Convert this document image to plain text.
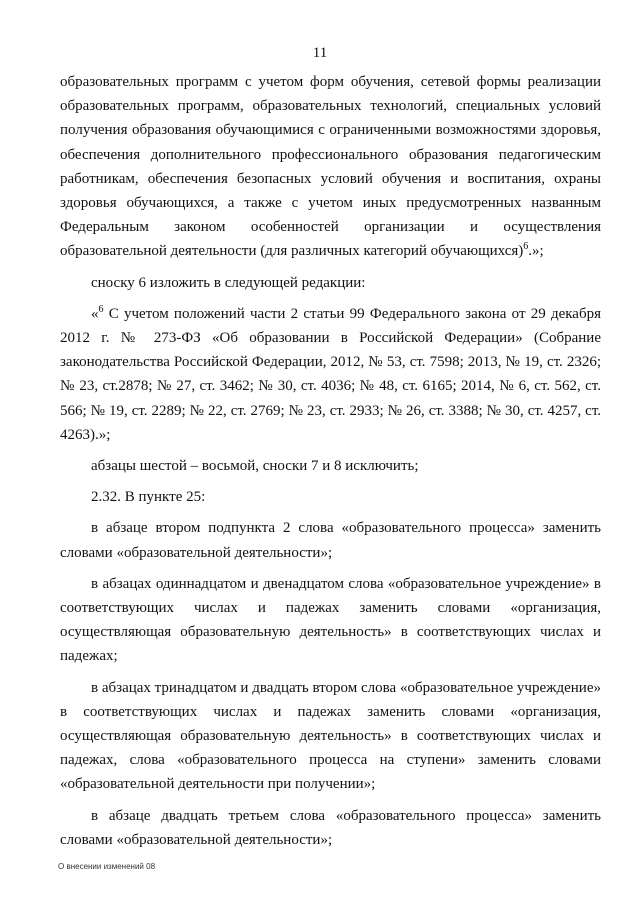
11

образовательных программ с учетом форм обучения, сетевой формы реализации образовательных программ, образовательных технологий, специальных условий получения образования обучающимися с ограниченными возможностями здоровья, обеспечения дополнительного профессионального образования педагогическим работникам, обеспечения безопасных условий обучения и воспитания, охраны здоровья обучающихся, а также с учетом иных предусмотренных названным Федеральным законом особенностей организации и осуществления образовательной деятельности (для различных категорий обучающихся)$^6$.»;

сноску 6 изложить в следующей редакции:

«$^6$ С учетом положений части 2 статьи 99 Федерального закона от 29 декабря 2012 г. № 273-ФЗ «Об образовании в Российской Федерации» (Собрание законодательства Российской Федерации, 2012, № 53, ст. 7598; 2013, № 19, ст. 2326; № 23, ст.2878; № 27, ст. 3462; № 30, ст. 4036; № 48, ст. 6165; 2014, № 6, ст. 562, ст. 566; № 19, ст. 2289; № 22, ст. 2769; № 23, ст. 2933; № 26, ст. 3388; № 30, ст. 4257, ст. 4263).»;

абзацы шестой – восьмой, сноски 7 и 8 исключить;

2.32. В пункте 25:

в абзаце втором подпункта 2 слова «образовательного процесса» заменить словами «образовательной деятельности»;

в абзацах одиннадцатом и двенадцатом слова «образовательное учреждение» в соответствующих числах и падежах заменить словами «организация, осуществляющая образовательную деятельность» в соответствующих числах и падежах;

в абзацах тринадцатом и двадцать втором слова «образовательное учреждение» в соответствующих числах и падежах заменить словами «организация, осуществляющая образовательную деятельность» в соответствующих числах и падежах, слова «образовательного процесса на ступени» заменить словами «образовательной деятельности при получении»;

в абзаце двадцать третьем слова «образовательного процесса» заменить словами «образовательной деятельности»;

О внесении изменений 08
